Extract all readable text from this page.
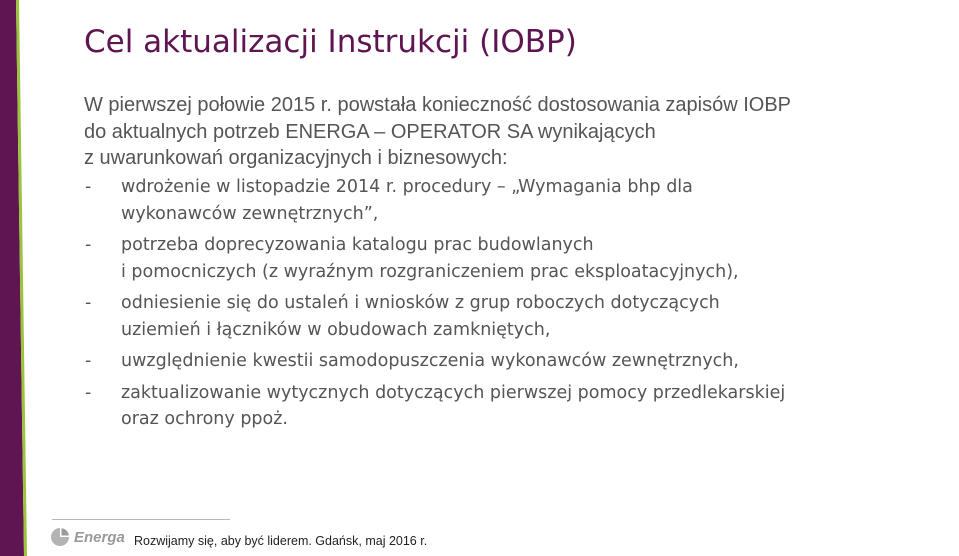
Cel aktualizacji Instrukcji (IOBP)
W pierwszej połowie 2015 r. powstała konieczność dostosowania zapisów IOBP
do aktualnych potrzeb ENERGA – OPERATOR SA wynikających
z uwarunkowań organizacyjnych i biznesowych:
- wdrożenie w listopadzie 2014 r. procedury – „Wymagania bhp dla
wykonawców zewnętrznych”,
- potrzeba doprecyzowania katalogu prac budowlanych
i pomocniczych (z wyraźnym rozgraniczeniem prac eksploatacyjnych),
- odniesienie się do ustaleń i wniosków z grup roboczych dotyczących
uziemień i łączników w obudowach zamkniętych,
- uwzględnienie kwestii samodopuszczenia wykonawców zewnętrznych,
- zaktualizowanie wytycznych dotyczących pierwszej pomocy przedlekarskiej
oraz ochrony ppoż.
Energa Rozwijamy się, aby być liderem. Gdańsk, maj 2016 r.
